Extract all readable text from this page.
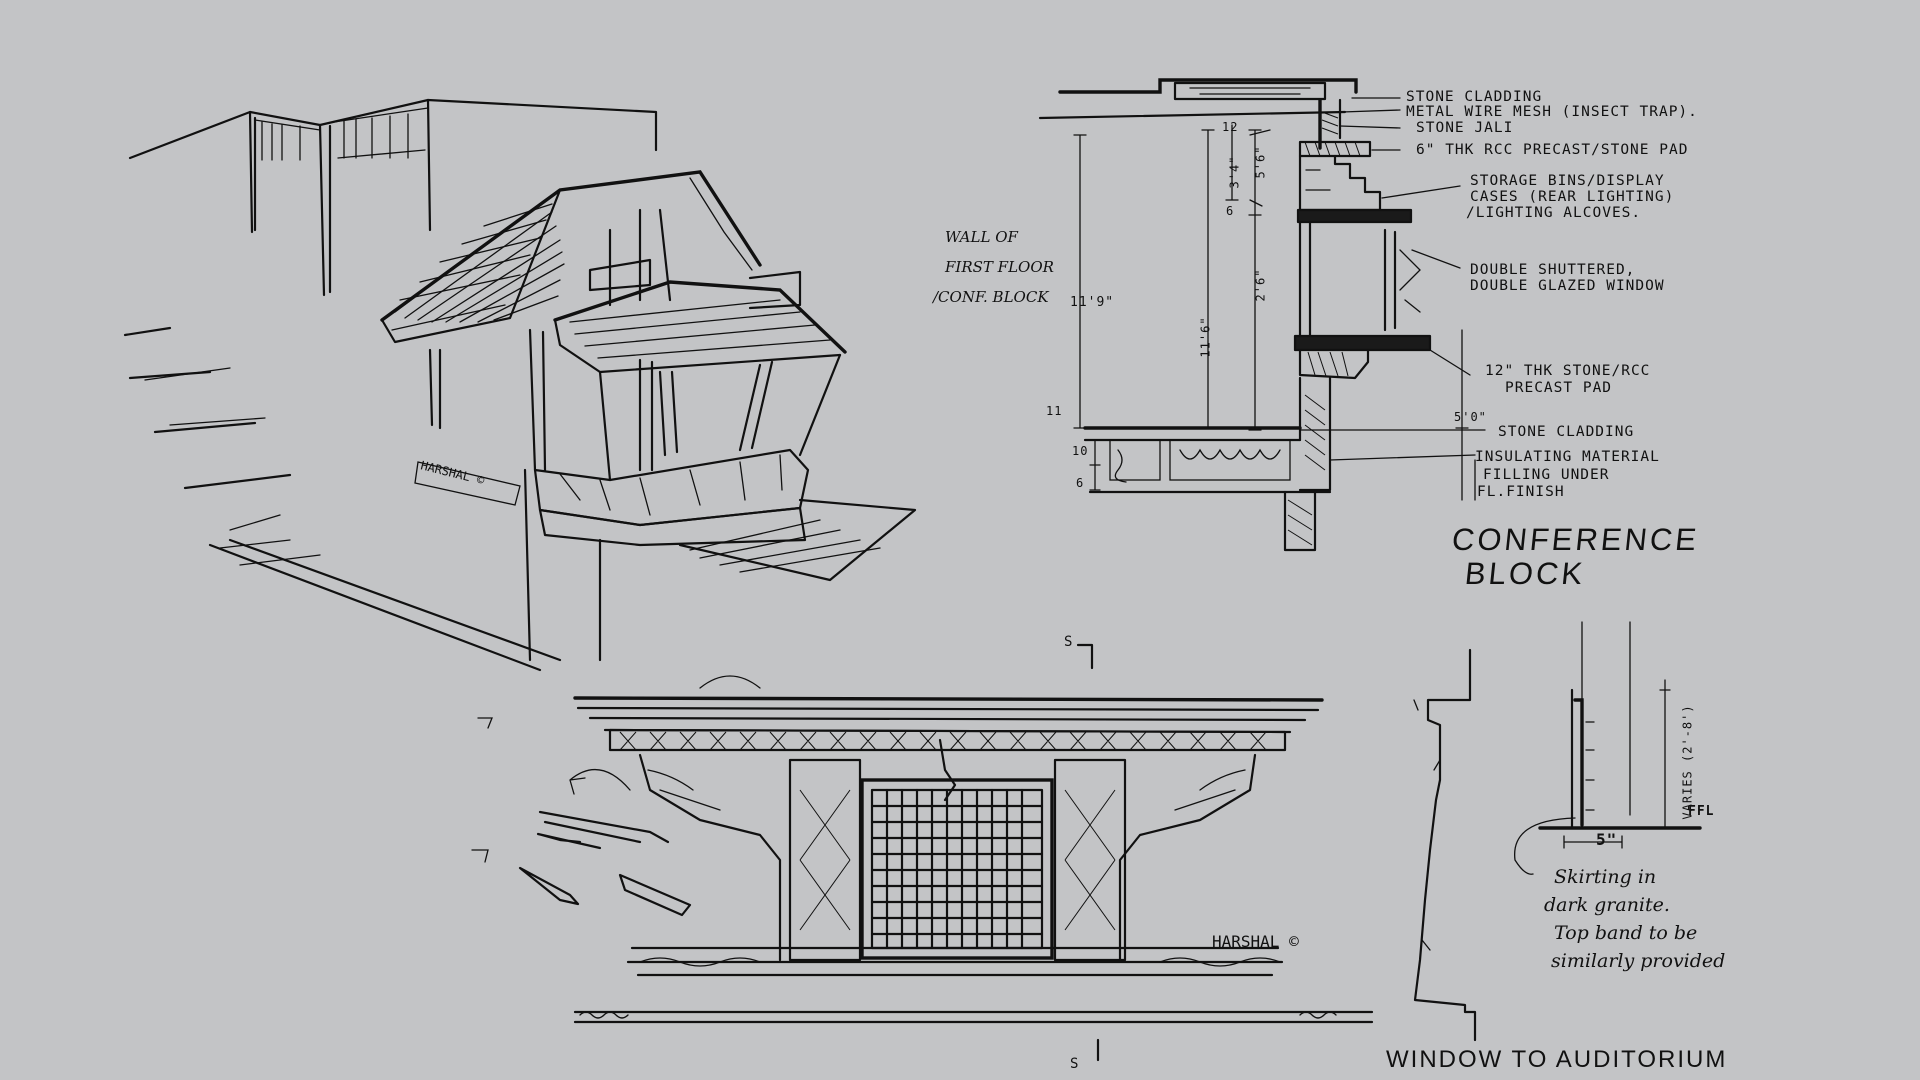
HARSHAL ©
WALL OF
FIRST FLOOR
/CONF. BLOCK
STONE CLADDING
METAL WIRE MESH (INSECT TRAP).
STONE JALI
6" THK RCC PRECAST/STONE PAD
STORAGE BINS/DISPLAY
CASES (REAR LIGHTING)
/LIGHTING ALCOVES.
DOUBLE SHUTTERED,
DOUBLE GLAZED WINDOW
12" THK STONE/RCC
PRECAST PAD
STONE CLADDING
INSULATING MATERIAL
FILLING UNDER
FL.FINISH
12
3'4" 5'6"
6
11'9"
11'6"
2'6"
5'0"
10
6
11
CONFERENCE
BLOCK
S
S
HARSHAL ©
WINDOW TO AUDITORIUM
VARIES (2'-8')
FFL
5"
Skirting in
dark granite.
Top band to be
similarly provided
